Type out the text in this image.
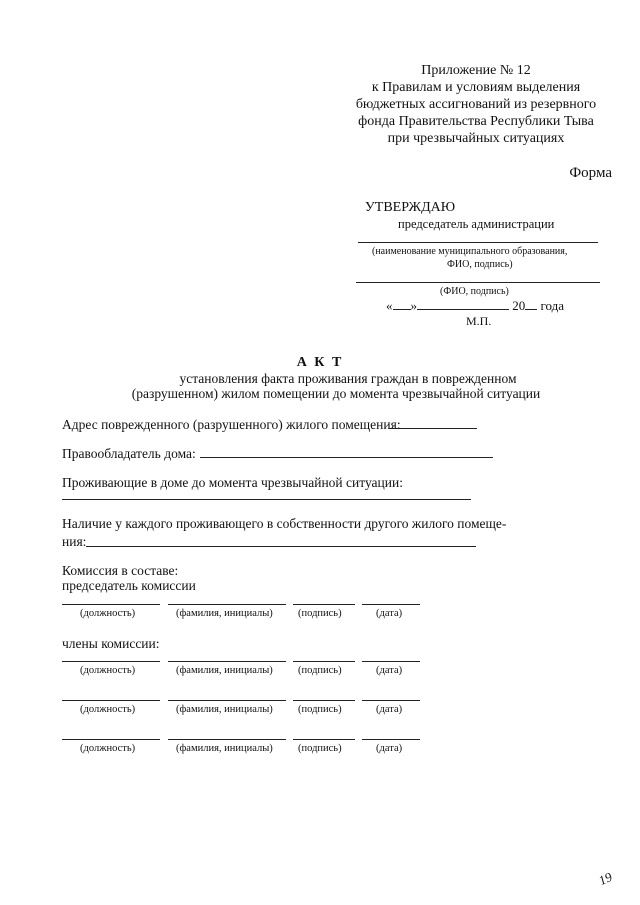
Приложение № 12
к Правилам и условиям выделения
бюджетных ассигнований из резервного
фонда Правительства Республики Тыва
при чрезвычайных ситуациях
Форма
УТВЕРЖДАЮ
председатель администрации
(наименование муниципального образования,
ФИО, подпись)
(ФИО, подпись)
« »	20 года
М.П.
А К Т
установления факта проживания граждан в поврежденном
(разрушенном) жилом помещении до момента чрезвычайной ситуации
Адрес поврежденного (разрушенного) жилого помещения:
Правообладатель дома:
Проживающие в доме до момента чрезвычайной ситуации:
Наличие у каждого проживающего в собственности другого жилого помеще-
ния:
Комиссия в составе:
председатель комиссии
(должность)	(фамилия, инициалы) (подпись)	(дата)
члены комиссии:
(должность)	(фамилия, инициалы) (подпись)	(дата)
(должность)	(фамилия, инициалы) (подпись)	(дата)
(должность)	(фамилия, инициалы) (подпись)	(дата)
19
